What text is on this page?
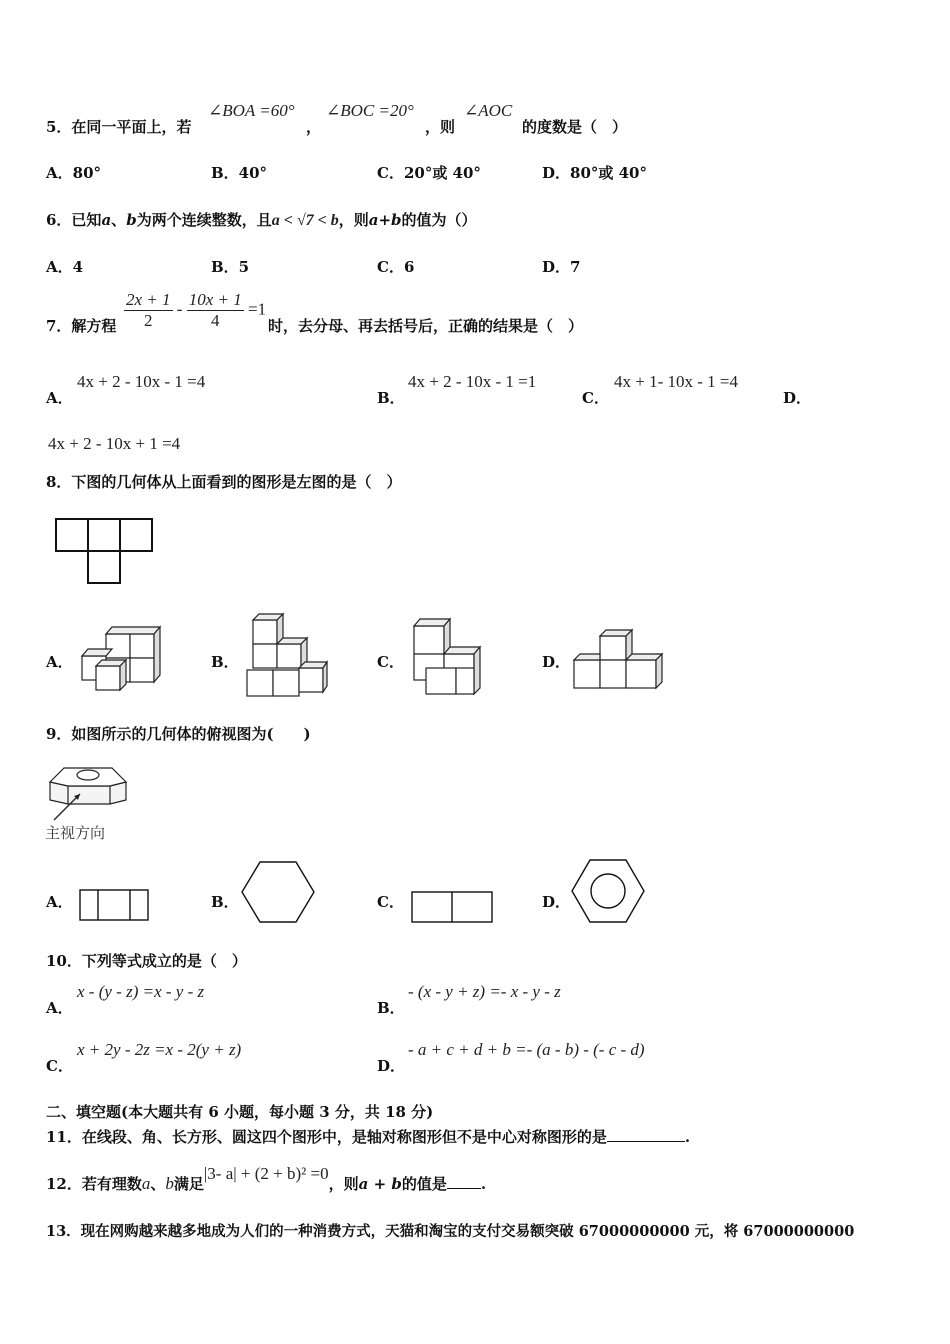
5．在同一平面上，若
∠BOA =60°
，
∠BOC =20°
，则
∠AOC
的度数是（　）
A．80°	B．40°	C．20°或 40°	D．80°或 40°
6．已知a、b为两个连续整数，且a < √7 < b，则a+b的值为（）
A．4	B．5	C．6	D．7
7．解方程 $\frac{2x + 1}{2} - \frac{10x + 1}{4} =1$
时，去分母、再去括号后，正确的结果是（　）
A．
4x + 2 - 10x - 1 =4
B．
4x + 2 - 10x - 1 =1
C．
4x + 1- 10x - 1 =4
D．
4x + 2 - 10x + 1 =4
8．下图的几何体从上面看到的图形是左图的是（　）
A．	B．	C．	D．
9．如图所示的几何体的俯视图为(　　)
主视方向
A．	B．	C．	D．
10．下列等式成立的是（　）
A．
x - (y - z) =x - y - z
B．
- (x - y + z) =- x - y - z
C．
x + 2y - 2z =x - 2(y + z)
D．
- a + c + d + b =- (a - b) - (- c - d)
二、填空题(本大题共有 6 小题，每小题 3 分，共 18 分)
11．在线段、角、长方形、圆这四个图形中，是轴对称图形但不是中心对称图形的是	.
12．若有理数a、b满足|3- a| + (2 + b)² =0，则a + b的值是 .
13．现在网购越来越多地成为人们的一种消费方式，天猫和淘宝的支付交易额突破 67000000000 元，将 67000000000
